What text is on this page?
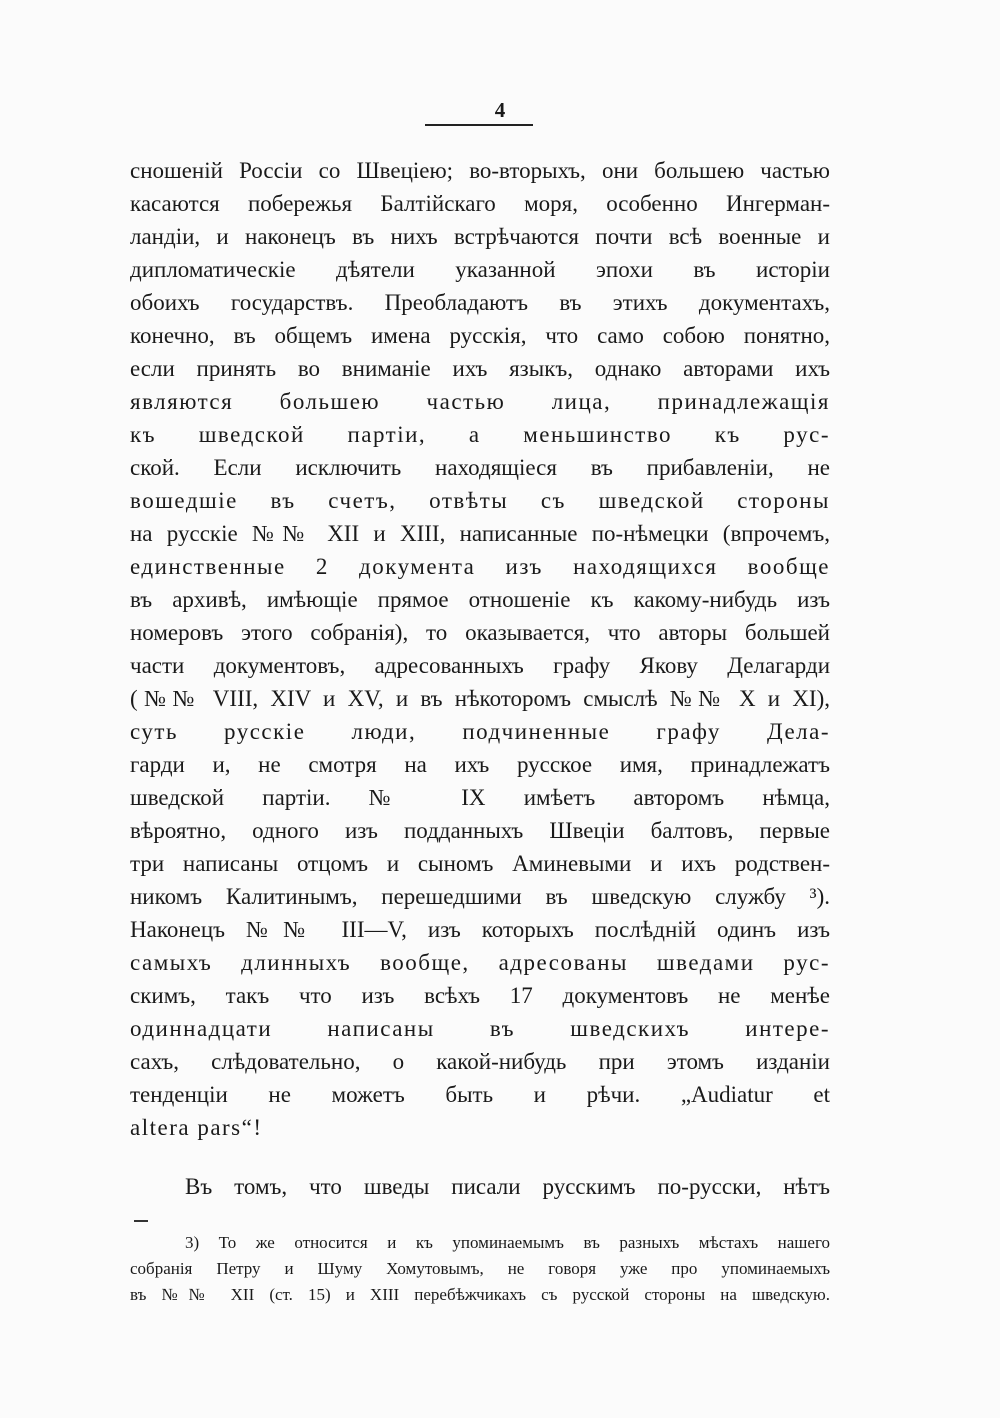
4
сношеній Россіи со Швеціею; во-вторыхъ, они большею частью
касаются побережья Балтійскаго моря, особенно Ингерман-
ландіи, и наконецъ въ нихъ встрѣчаются почти всѣ военные и
дипломатическіе дѣятели указанной эпохи въ исторіи
обоихъ государствъ. Преобладаютъ въ этихъ документахъ,
конечно, въ общемъ имена русскія, что само собою понятно,
если принять во вниманіе ихъ языкъ, однако авторами ихъ
являются большею частью лица, принадлежащія
къ шведской партіи, а меньшинство къ рус-
ской. Если исключить находящіеся въ прибавленіи, не
вошедшіе въ счетъ, отвѣты съ шведской стороны
на русскіе №№ XII и XIII, написанные по-нѣмецки (впрочемъ,
единственные 2 документа изъ находящихся вообще
въ архивѣ, имѣющіе прямое отношеніе къ какому-нибудь изъ
номеровъ этого собранія), то оказывается, что авторы большей
части документовъ, адресованныхъ графу Якову Делагарди
(№№ VIII, XIV и XV, и въ нѣкоторомъ смыслѣ №№ X и XI),
суть русскіе люди, подчиненные графу Дела-
гарди и, не смотря на ихъ русское имя, принадлежатъ
шведской партіи. № IX имѣетъ авторомъ нѣмца,
вѣроятно, одного изъ подданныхъ Швеціи балтовъ, первые
три написаны отцомъ и сыномъ Аминевыми и ихъ родствен-
никомъ Калитинымъ, перешедшими въ шведскую службу ³).
Наконецъ №№ III—V, изъ которыхъ послѣдній одинъ изъ
самыхъ длинныхъ вообще, адресованы шведами рус-
скимъ, такъ что изъ всѣхъ 17 документовъ не менѣе
одиннадцати написаны въ шведскихъ интере-
сахъ, слѣдовательно, о какой-нибудь при этомъ изданіи
тенденціи не можетъ быть и рѣчи. „Audiatur et
altera pars“!
Въ томъ, что шведы писали русскимъ по-русски, нѣтъ
3) То же относится и къ упоминаемымъ въ разныхъ мѣстахъ нашего
собранія Петру и Шуму Хомутовымъ, не говоря уже про упоминаемыхъ
въ №№ XII (ст. 15) и XIII перебѣжчикахъ съ русской стороны на шведскую.
